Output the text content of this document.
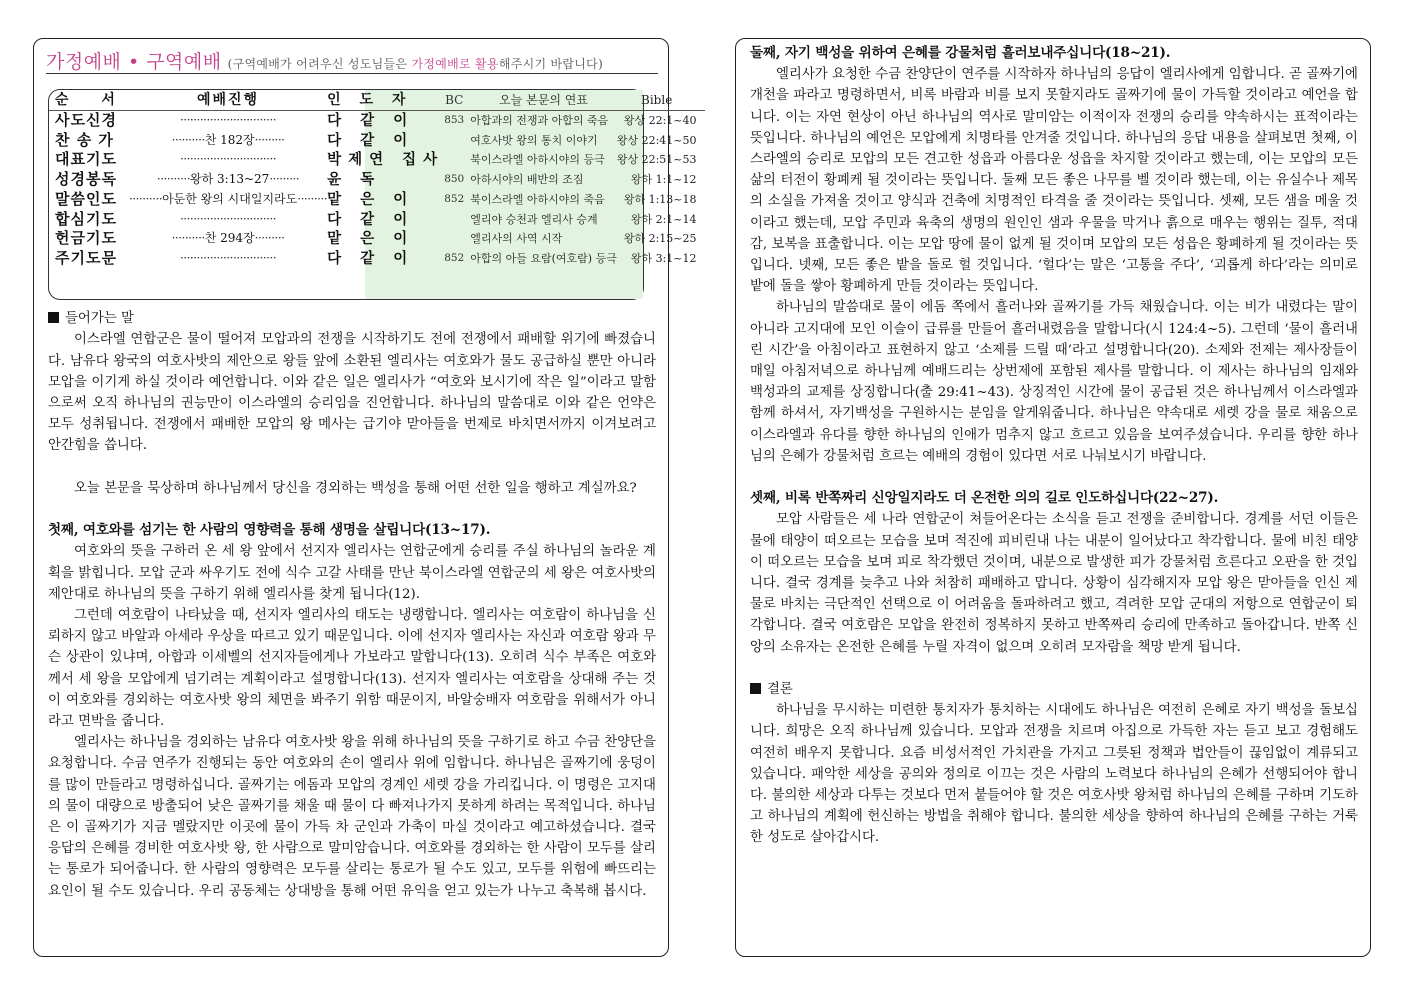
가정예배 • 구역예배 (구역예배가 어려우신 성도님들은 가정예배로 활용해주시기 바랍니다)
순 서	예배진행	인 도 자	BC	오늘 본문의 연표	Bible
사도신경	·····························	다 같 이	853	아합과의 전쟁과 아합의 죽음	왕상 22:1~40
찬 송 가	··········찬 182장·········	다 같 이		여호사밧 왕의 통치 이야기	왕상 22:41~50
대표기도	·····························	박제연 집사		북이스라엘 아하시야의 등극	왕상 22:51~53
성경봉독	··········왕하 3:13~27·········	윤 독	850	아하시야의 배반의 조짐	왕하 1:1~12
말씀인도	··········아둔한 왕의 시대일지라도·········	맡 은 이	852	북이스라엘 아하시야의 죽음	왕하 1:13~18
합심기도	·····························	다 같 이		엘리야 승천과 엘리사 승계	왕하 2:1~14
헌금기도	··········찬 294장·········	맡 은 이		엘리사의 사역 시작	왕하 2:15~25
주기도문	·····························	다 같 이	852	아합의 아들 요람(여호람) 등극	왕하 3:1~12
들어가는 말

이스라엘 연합군은 물이 떨어져 모압과의 전쟁을 시작하기도 전에 전쟁에서 패배할 위기에 빠졌습니다. 남유다 왕국의 여호사밧의 제안으로 왕들 앞에 소환된 엘리사는 여호와가 물도 공급하실 뿐만 아니라 모압을 이기게 하실 것이라 예언합니다. 이와 같은 일은 엘리사가 “여호와 보시기에 작은 일”이라고 말함으로써 오직 하나님의 권능만이 이스라엘의 승리임을 진언합니다. 하나님의 말씀대로 이와 같은 언약은 모두 성취됩니다. 전쟁에서 패배한 모압의 왕 메사는 급기야 맏아들을 번제로 바치면서까지 이겨보려고 안간힘을 씁니다.

오늘 본문을 묵상하며 하나님께서 당신을 경외하는 백성을 통해 어떤 선한 일을 행하고 계실까요?

첫째, 여호와를 섬기는 한 사람의 영향력을 통해 생명을 살립니다(13~17).

여호와의 뜻을 구하러 온 세 왕 앞에서 선지자 엘리사는 연합군에게 승리를 주실 하나님의 놀라운 계획을 밝힙니다. 모압 군과 싸우기도 전에 식수 고갈 사태를 만난 북이스라엘 연합군의 세 왕은 여호사밧의 제안대로 하나님의 뜻을 구하기 위해 엘리사를 찾게 됩니다(12).

그런데 여호람이 나타났을 때, 선지자 엘리사의 태도는 냉랭합니다. 엘리사는 여호람이 하나님을 신뢰하지 않고 바알과 아세라 우상을 따르고 있기 때문입니다. 이에 선지자 엘리사는 자신과 여호람 왕과 무슨 상관이 있냐며, 아합과 이세벨의 선지자들에게나 가보라고 말합니다(13). 오히려 식수 부족은 여호와께서 세 왕을 모압에게 넘기려는 계획이라고 설명합니다(13). 선지자 엘리사는 여호람을 상대해 주는 것이 여호와를 경외하는 여호사밧 왕의 체면을 봐주기 위함 때문이지, 바알숭배자 여호람을 위해서가 아니라고 면박을 줍니다.

엘리사는 하나님을 경외하는 남유다 여호사밧 왕을 위해 하나님의 뜻을 구하기로 하고 수금 찬양단을 요청합니다. 수금 연주가 진행되는 동안 여호와의 손이 엘리사 위에 임합니다. 하나님은 골짜기에 웅덩이를 많이 만들라고 명령하십니다. 골짜기는 에돔과 모압의 경계인 세렛 강을 가리킵니다. 이 명령은 고지대의 물이 대량으로 방출되어 낮은 골짜기를 채울 때 물이 다 빠져나가지 못하게 하려는 목적입니다. 하나님은 이 골짜기가 지금 멜랐지만 이곳에 물이 가득 차 군인과 가축이 마실 것이라고 예고하셨습니다. 결국 응답의 은혜를 경비한 여호사밧 왕, 한 사람으로 말미암습니다. 여호와를 경외하는 한 사람이 모두를 살리는 통로가 되어줍니다. 한 사람의 영향력은 모두를 살리는 통로가 될 수도 있고, 모두를 위험에 빠뜨리는 요인이 될 수도 있습니다. 우리 공동체는 상대방을 통해 어떤 유익을 얻고 있는가 나누고 축복해 봅시다.

둘째, 자기 백성을 위하여 은혜를 강물처럼 흘러보내주십니다(18~21).

엘리사가 요청한 수금 찬양단이 연주를 시작하자 하나님의 응답이 엘리사에게 임합니다. 곧 골짜기에 개천을 파라고 명령하면서, 비록 바람과 비를 보지 못할지라도 골짜기에 물이 가득할 것이라고 예언을 합니다. 이는 자연 현상이 아닌 하나님의 역사로 말미암는 이적이자 전쟁의 승리를 약속하시는 표적이라는 뜻입니다. 하나님의 예언은 모압에게 치명타를 안겨줄 것입니다. 하나님의 응답 내용을 살펴보면 첫째, 이스라엘의 승리로 모압의 모든 견고한 성읍과 아름다운 성읍을 차지할 것이라고 했는데, 이는 모압의 모든 삶의 터전이 황폐케 될 것이라는 뜻입니다. 둘째 모든 좋은 나무를 벨 것이라 했는데, 이는 유실수나 제목의 소실을 가져올 것이고 양식과 건축에 치명적인 타격을 줄 것이라는 뜻입니다. 셋째, 모든 샘을 메울 것이라고 했는데, 모압 주민과 육축의 생명의 원인인 샘과 우물을 막거나 흙으로 매우는 행위는 질투, 적대감, 보복을 표출합니다. 이는 모압 땅에 물이 없게 될 것이며 모압의 모든 성읍은 황폐하게 될 것이라는 뜻입니다. 넷째, 모든 좋은 밭을 돌로 헐 것입니다. ‘헐다’는 말은 ‘고통을 주다’, ‘괴롭게 하다’라는 의미로 밭에 돌을 쌓아 황폐하게 만들 것이라는 뜻입니다.

하나님의 말씀대로 물이 에돔 쪽에서 흘러나와 골짜기를 가득 채웠습니다. 이는 비가 내렸다는 말이 아니라 고지대에 모인 이슬이 급류를 만들어 흘러내렸음을 말합니다(시 124:4~5). 그런데 ‘물이 흘러내린 시간’을 아침이라고 표현하지 않고 ‘소제를 드릴 때’라고 설명합니다(20). 소제와 전제는 제사장들이 매일 아침저녁으로 하나님께 예배드리는 상번제에 포함된 제사를 말합니다. 이 제사는 하나님의 임재와 백성과의 교제를 상징합니다(출 29:41~43). 상징적인 시간에 물이 공급된 것은 하나님께서 이스라엘과 함께 하셔서, 자기백성을 구원하시는 분임을 알게워줍니다. 하나님은 약속대로 세렛 강을 물로 채움으로 이스라엘과 유다를 향한 하나님의 인애가 멈추지 않고 흐르고 있음을 보여주셨습니다. 우리를 향한 하나님의 은혜가 강물처럼 흐르는 예배의 경험이 있다면 서로 나눠보시기 바랍니다.

셋째, 비록 반쪽짜리 신앙일지라도 더 온전한 의의 길로 인도하십니다(22~27).

모압 사람들은 세 나라 연합군이 쳐들어온다는 소식을 듣고 전쟁을 준비합니다. 경계를 서던 이들은 물에 태양이 떠오르는 모습을 보며 적진에 피비린내 나는 내분이 일어났다고 착각합니다. 물에 비친 태양이 떠오르는 모습을 보며 피로 착각했던 것이며, 내분으로 발생한 피가 강물처럼 흐른다고 오판을 한 것입니다. 결국 경계를 늦추고 나와 처참히 패배하고 맙니다. 상황이 심각해지자 모압 왕은 맏아들을 인신 제물로 바치는 극단적인 선택으로 이 어려움을 돌파하려고 했고, 격려한 모압 군대의 저항으로 연합군이 퇴각합니다. 결국 여호람은 모압을 완전히 정복하지 못하고 반쪽짜리 승리에 만족하고 돌아갑니다. 반쪽 신앙의 소유자는 온전한 은혜를 누릴 자격이 없으며 오히려 모자람을 책망 받게 됩니다.

결론

하나님을 무시하는 미련한 통치자가 통치하는 시대에도 하나님은 여전히 은혜로 자기 백성을 돌보십니다. 희망은 오직 하나님께 있습니다. 모압과 전쟁을 치르며 아집으로 가득한 자는 듣고 보고 경험해도 여전히 배우지 못합니다. 요즘 비성서적인 가치관을 가지고 그릇된 정책과 법안들이 끊임없이 계류되고 있습니다. 패악한 세상을 공의와 정의로 이끄는 것은 사람의 노력보다 하나님의 은혜가 선행되어야 합니다. 불의한 세상과 다투는 것보다 먼저 붙들어야 할 것은 여호사밧 왕처럼 하나님의 은혜를 구하며 기도하고 하나님의 계획에 헌신하는 방법을 취해야 합니다. 불의한 세상을 향하여 하나님의 은혜를 구하는 거룩한 성도로 살아갑시다.
